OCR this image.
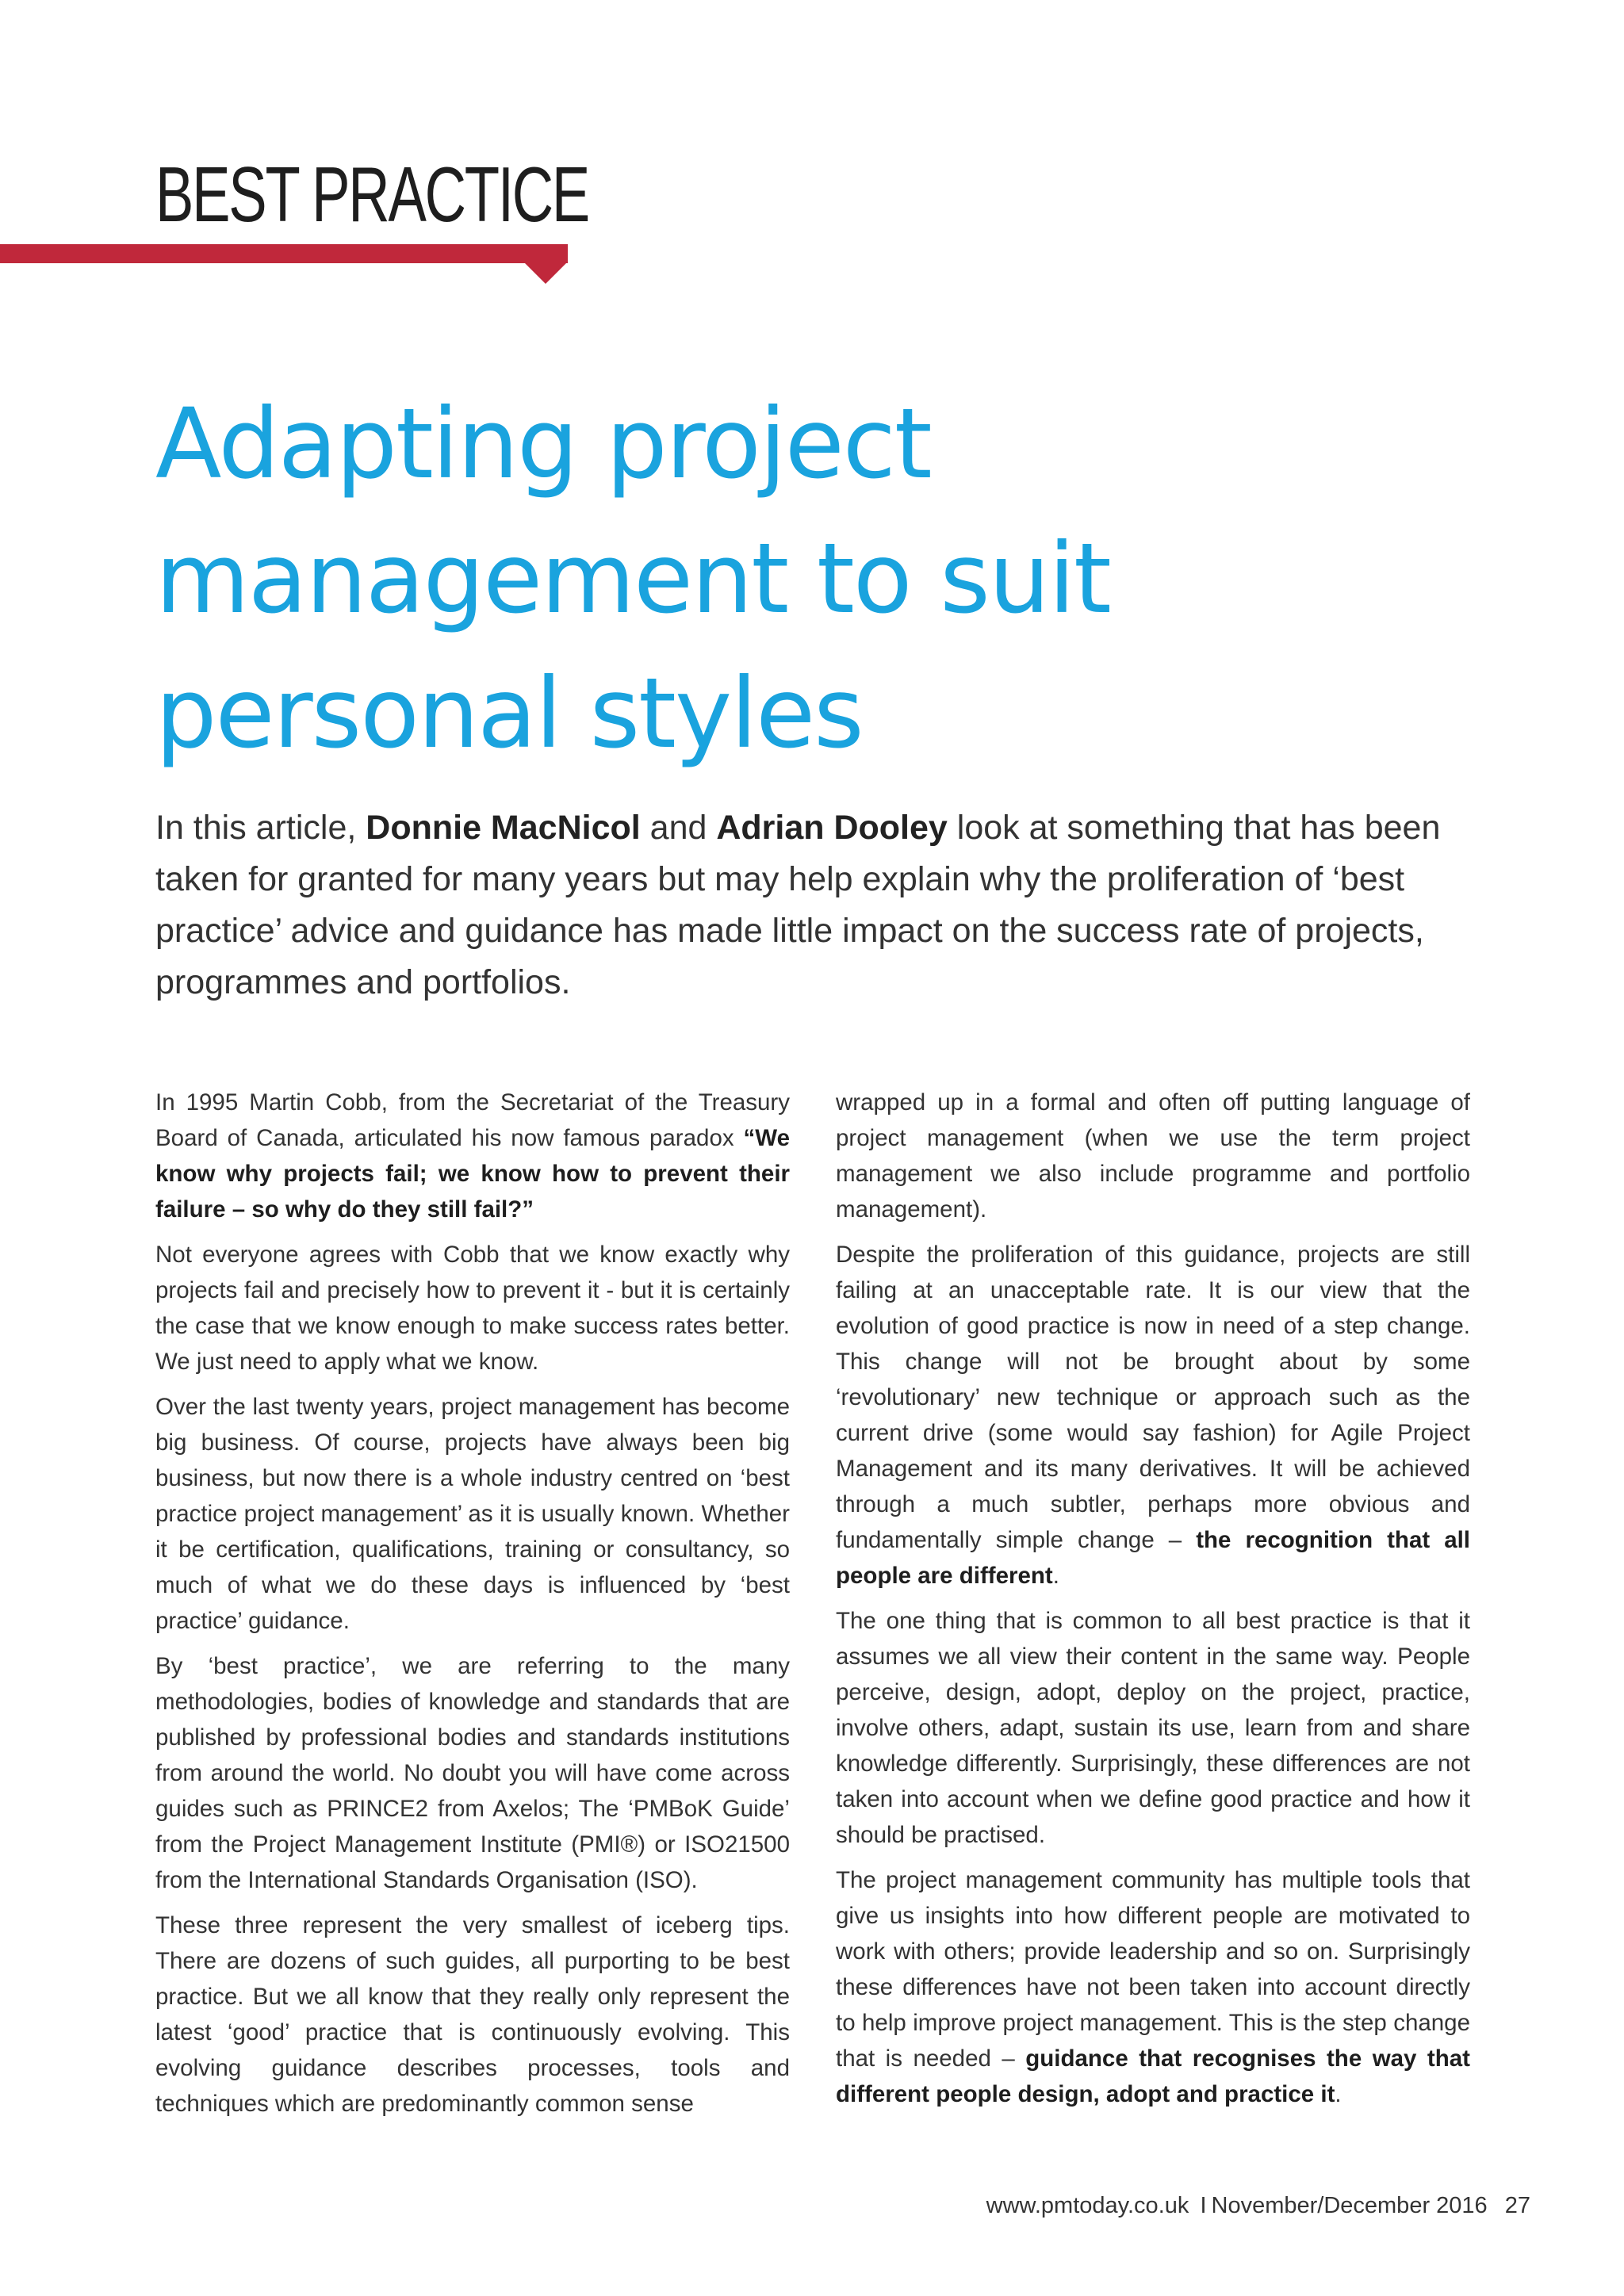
BEST PRACTICE
Adapting project
management to suit
personal styles

In this article, Donnie MacNicol and Adrian Dooley look at something that has been taken for granted for many years but may help explain why the proliferation of ‘best practice’ advice and guidance has made little impact on the success rate of projects, programmes and portfolios.

In 1995 Martin Cobb, from the Secretariat of the Treasury Board of Canada, articulated his now famous paradox “We know why projects fail; we know how to prevent their failure – so why do they still fail?”

Not everyone agrees with Cobb that we know exactly why projects fail and precisely how to prevent it - but it is certainly the case that we know enough to make success rates better. We just need to apply what we know.

Over the last twenty years, project management has become big business. Of course, projects have always been big business, but now there is a whole industry centred on ‘best practice project management’ as it is usually known. Whether it be certification, qualifications, training or consultancy, so much of what we do these days is influenced by ‘best practice’ guidance.

By ‘best practice’, we are referring to the many methodologies, bodies of knowledge and standards that are published by professional bodies and standards institutions from around the world. No doubt you will have come across guides such as PRINCE2 from Axelos; The ‘PMBoK Guide’ from the Project Management Institute (PMI®) or ISO21500 from the International Standards Organisation (ISO).

These three represent the very smallest of iceberg tips. There are dozens of such guides, all purporting to be best practice. But we all know that they really only represent the latest ‘good’ practice that is continuously evolving. This evolving guidance describes processes, tools and techniques which are predominantly common sense

wrapped up in a formal and often off putting language of project management (when we use the term project management we also include programme and portfolio management).

Despite the proliferation of this guidance, projects are still failing at an unacceptable rate. It is our view that the evolution of good practice is now in need of a step change. This change will not be brought about by some ‘revolutionary’ new technique or approach such as the current drive (some would say fashion) for Agile Project Management and its many derivatives. It will be achieved through a much subtler, perhaps more obvious and fundamentally simple change – the recognition that all people are different.

The one thing that is common to all best practice is that it assumes we all view their content in the same way. People perceive, design, adopt, deploy on the project, practice, involve others, adapt, sustain its use, learn from and share knowledge differently. Surprisingly, these differences are not taken into account when we define good practice and how it should be practised.

The project management community has multiple tools that give us insights into how different people are motivated to work with others; provide leadership and so on. Surprisingly these differences have not been taken into account directly to help improve project management. This is the step change that is needed – guidance that recognises the way that different people design, adopt and practice it.

www.pmtoday.co.uk I November/December 2016 27
